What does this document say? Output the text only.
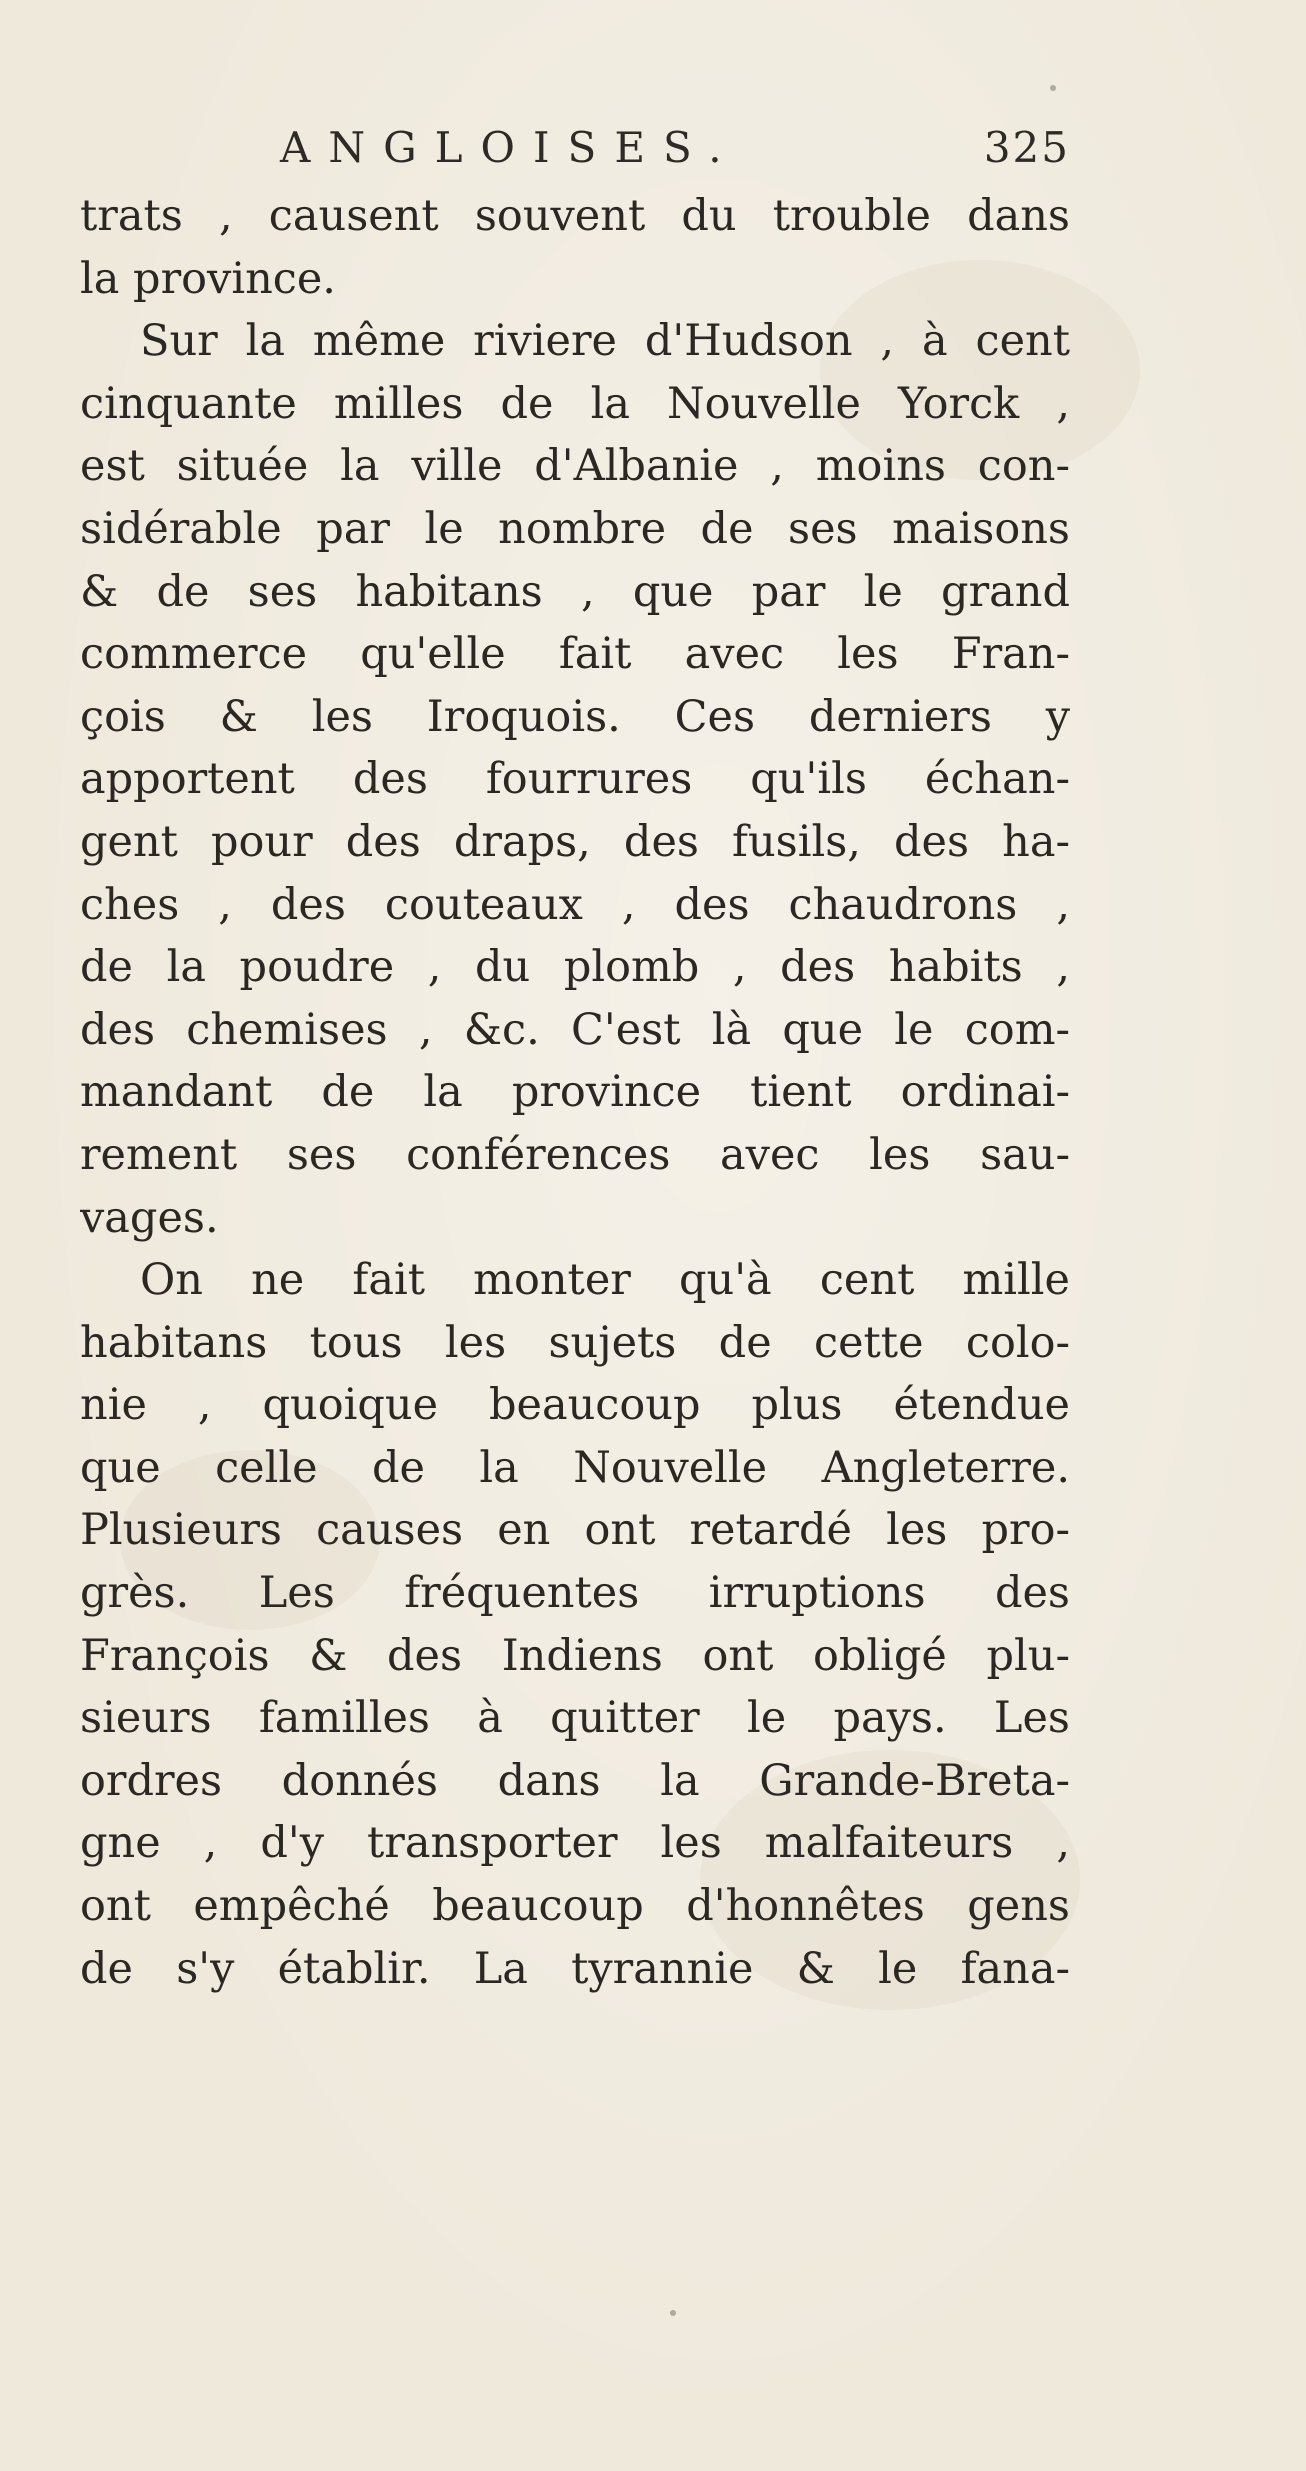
ANGLOISES.	325
trats , causent souvent du trouble dans
la province.
Sur la même riviere d'Hudson , à cent
cinquante milles de la Nouvelle Yorck ,
est située la ville d'Albanie , moins con-
sidérable par le nombre de ses maisons
& de ses habitans , que par le grand
commerce qu'elle fait avec les Fran-
çois & les Iroquois. Ces derniers y
apportent des fourrures qu'ils échan-
gent pour des draps, des fusils, des ha-
ches , des couteaux , des chaudrons ,
de la poudre , du plomb , des habits ,
des chemises , &c. C'est là que le com-
mandant de la province tient ordinai-
rement ses conférences avec les sau-
vages.
On ne fait monter qu'à cent mille
habitans tous les sujets de cette colo-
nie , quoique beaucoup plus étendue
que celle de la Nouvelle Angleterre.
Plusieurs causes en ont retardé les pro-
grès. Les fréquentes irruptions des
François & des Indiens ont obligé plu-
sieurs familles à quitter le pays. Les
ordres donnés dans la Grande-Breta-
gne , d'y transporter les malfaiteurs ,
ont empêché beaucoup d'honnêtes gens
de s'y établir. La tyrannie & le fana-
